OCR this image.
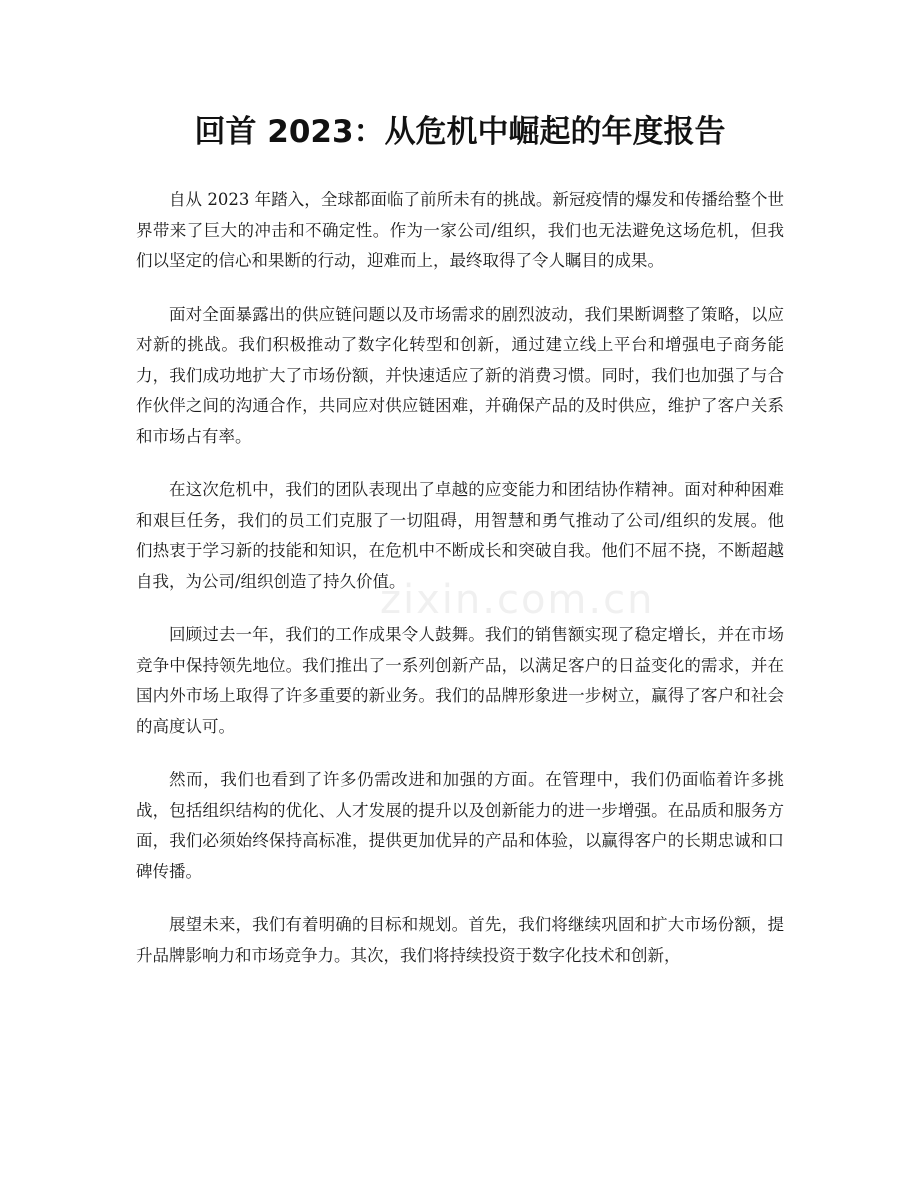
回首 2023：从危机中崛起的年度报告

自从 2023 年踏入，全球都面临了前所未有的挑战。新冠疫情的爆发和传播给整个世界带来了巨大的冲击和不确定性。作为一家公司/组织，我们也无法避免这场危机，但我们以坚定的信心和果断的行动，迎难而上，最终取得了令人瞩目的成果。

面对全面暴露出的供应链问题以及市场需求的剧烈波动，我们果断调整了策略，以应对新的挑战。我们积极推动了数字化转型和创新，通过建立线上平台和增强电子商务能力，我们成功地扩大了市场份额，并快速适应了新的消费习惯。同时，我们也加强了与合作伙伴之间的沟通合作，共同应对供应链困难，并确保产品的及时供应，维护了客户关系和市场占有率。

在这次危机中，我们的团队表现出了卓越的应变能力和团结协作精神。面对种种困难和艰巨任务，我们的员工们克服了一切阻碍，用智慧和勇气推动了公司/组织的发展。他们热衷于学习新的技能和知识，在危机中不断成长和突破自我。他们不屈不挠，不断超越自我，为公司/组织创造了持久价值。

回顾过去一年，我们的工作成果令人鼓舞。我们的销售额实现了稳定增长，并在市场竞争中保持领先地位。我们推出了一系列创新产品，以满足客户的日益变化的需求，并在国内外市场上取得了许多重要的新业务。我们的品牌形象进一步树立，赢得了客户和社会的高度认可。

然而，我们也看到了许多仍需改进和加强的方面。在管理中，我们仍面临着许多挑战，包括组织结构的优化、人才发展的提升以及创新能力的进一步增强。在品质和服务方面，我们必须始终保持高标准，提供更加优异的产品和体验，以赢得客户的长期忠诚和口碑传播。

展望未来，我们有着明确的目标和规划。首先，我们将继续巩固和扩大市场份额，提升品牌影响力和市场竞争力。其次，我们将持续投资于数字化技术和创新，

zixin.com.cn
